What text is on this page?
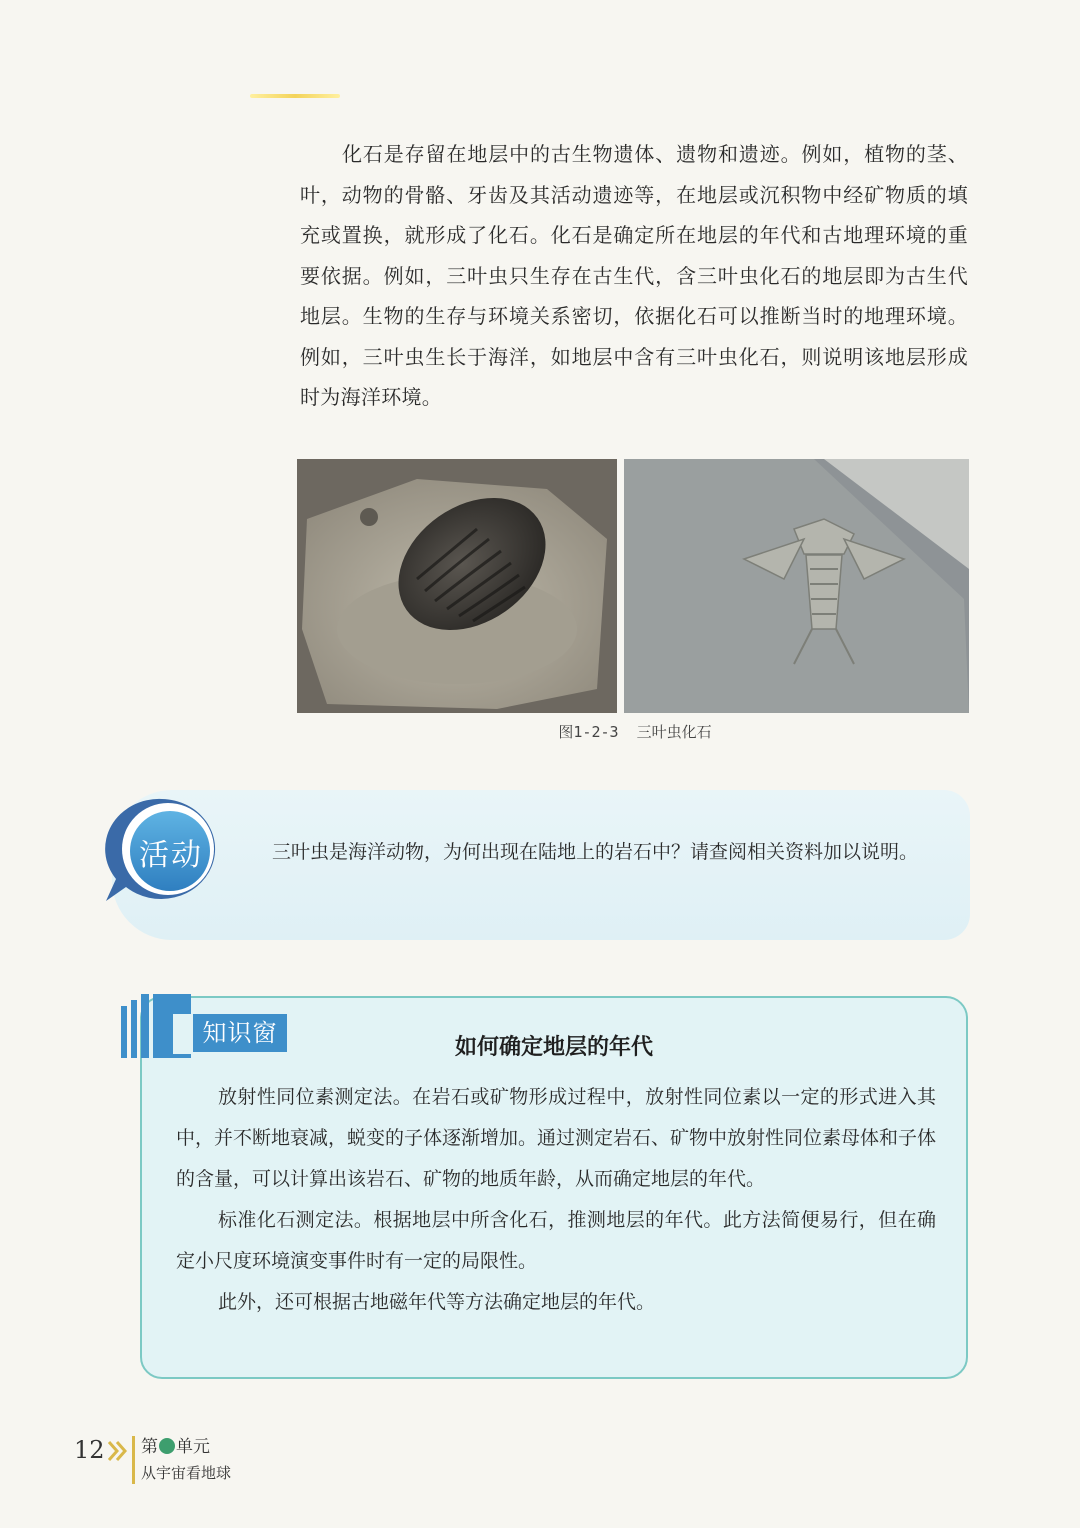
化石是存留在地层中的古生物遗体、遗物和遗迹。例如，植物的茎、叶，动物的骨骼、牙齿及其活动遗迹等，在地层或沉积物中经矿物质的填充或置换，就形成了化石。化石是确定所在地层的年代和古地理环境的重要依据。例如，三叶虫只生存在古生代，含三叶虫化石的地层即为古生代地层。生物的生存与环境关系密切，依据化石可以推断当时的地理环境。例如，三叶虫生长于海洋，如地层中含有三叶虫化石，则说明该地层形成时为海洋环境。

图1-2-3 三叶虫化石
活动	三叶虫是海洋动物，为何出现在陆地上的岩石中？请查阅相关资料加以说明。

知识窗
如何确定地层的年代

放射性同位素测定法。在岩石或矿物形成过程中，放射性同位素以一定的形式进入其中，并不断地衰减，蜕变的子体逐渐增加。通过测定岩石、矿物中放射性同位素母体和子体的含量，可以计算出该岩石、矿物的地质年龄，从而确定地层的年代。

标准化石测定法。根据地层中所含化石，推测地层的年代。此方法简便易行，但在确定小尺度环境演变事件时有一定的局限性。

此外，还可根据古地磁年代等方法确定地层的年代。

12 第 单元
从宇宙看地球
